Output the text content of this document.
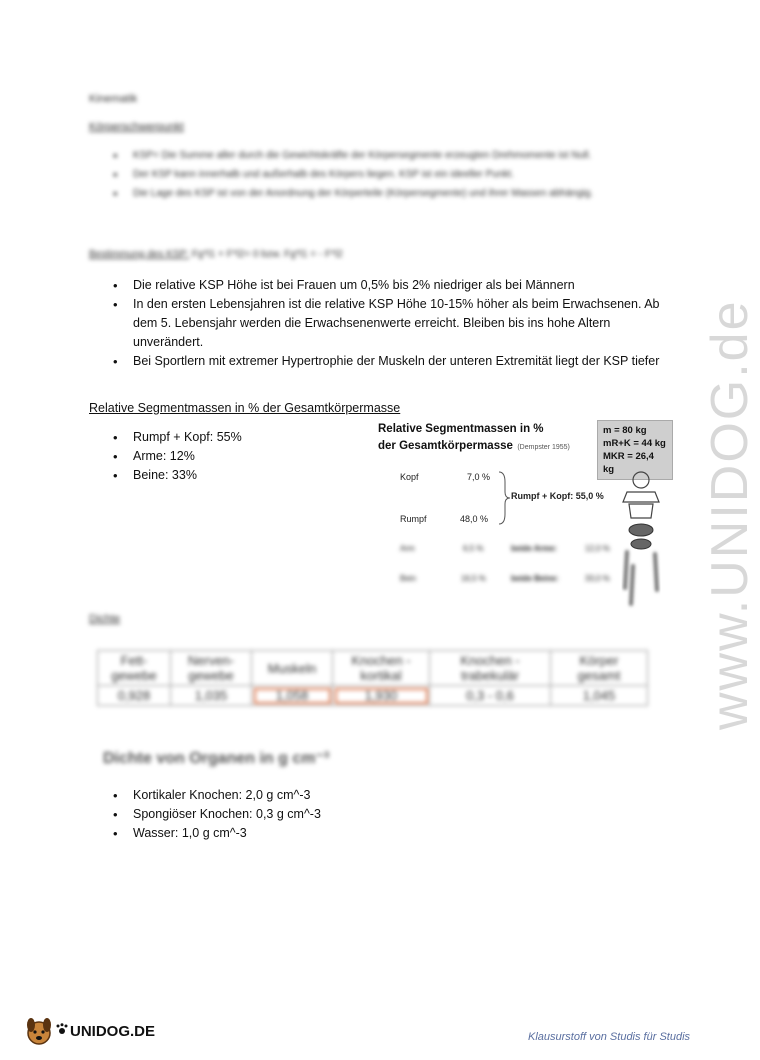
www.UNIDOG.de
Kinematik
Körperschwerpunkt
• KSP= Die Summe aller durch die Gewichtskräfte der Körpersegmente erzeugten Drehmomente ist Null.
• Der KSP kann innerhalb und außerhalb des Körpers liegen. KSP ist ein ideeller Punkt.
• Die Lage des KSP ist von der Anordnung der Körperteile (Körpersegmente) und ihrer Massen abhängig.
Bestimmung des KSP: Fg*l1 + F*l2= 0 bzw. Fg*l1 = - F*l2
• Die relative KSP Höhe ist bei Frauen um 0,5% bis 2% niedriger als bei Männern
• In den ersten Lebensjahren ist die relative KSP Höhe 10-15% höher als beim Erwachsenen. Ab dem 5. Lebensjahr werden die Erwachsenenwerte erreicht. Bleiben bis ins hohe Altern unverändert.
• Bei Sportlern mit extremer Hypertrophie der Muskeln der unteren Extremität liegt der KSP tiefer
Relative Segmentmassen in % der Gesamtkörpermasse
• Rumpf + Kopf: 55%
• Arme: 12%
• Beine: 33%
Relative Segmentmassen in %
der Gesamtkörpermasse (Dempster 1955)
m = 80 kg
mR+K = 44 kg
MKR = 26,4 kg
Kopf	7,0 %
Rumpf	48,0 %
Rumpf + Kopf: 55,0 %
Arm	6,5 %	beide Arme:	12,0 %
Bein	16,5 %	beide Beine:	33,0 %
Dichte
Fett-
gewebe	Nerven-
gewebe	Muskeln	Knochen -
kortikal	Knochen -
trabekulär	Körper
gesamt
0,928	1,035	1,058	1,930	0,3 - 0,6	1,045
Dichte von Organen in g cm⁻³
• Kortikaler Knochen: 2,0 g cm^-3
• Spongiöser Knochen: 0,3 g cm^-3
• Wasser: 1,0 g cm^-3
UNIDOG.DE	Klausurstoff von Studis für Studis
